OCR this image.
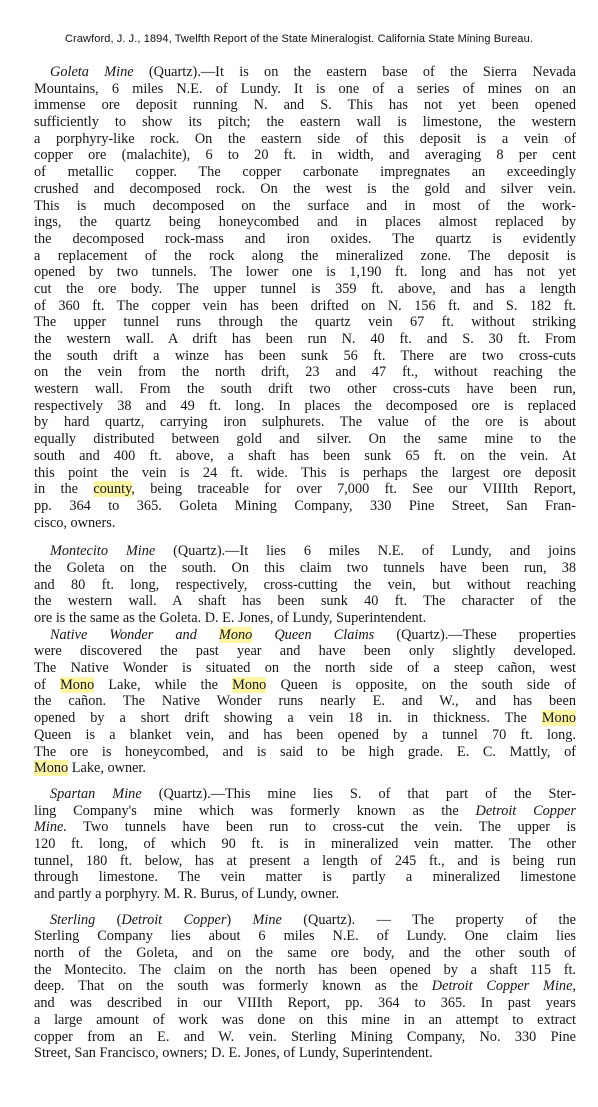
Crawford, J. J., 1894, Twelfth Report of the State Mineralogist. California State Mining Bureau.
Goleta Mine (Quartz).—It is on the eastern base of the Sierra Nevada
Mountains, 6 miles N.E. of Lundy. It is one of a series of mines on an
immense ore deposit running N. and S. This has not yet been opened
sufficiently to show its pitch; the eastern wall is limestone, the western
a porphyry-like rock. On the eastern side of this deposit is a vein of
copper ore (malachite), 6 to 20 ft. in width, and averaging 8 per cent
of metallic copper. The copper carbonate impregnates an exceedingly
crushed and decomposed rock. On the west is the gold and silver vein.
This is much decomposed on the surface and in most of the work-
ings, the quartz being honeycombed and in places almost replaced by
the decomposed rock-mass and iron oxides. The quartz is evidently
a replacement of the rock along the mineralized zone. The deposit is
opened by two tunnels. The lower one is 1,190 ft. long and has not yet
cut the ore body. The upper tunnel is 359 ft. above, and has a length
of 360 ft. The copper vein has been drifted on N. 156 ft. and S. 182 ft.
The upper tunnel runs through the quartz vein 67 ft. without striking
the western wall. A drift has been run N. 40 ft. and S. 30 ft. From
the south drift a winze has been sunk 56 ft. There are two cross-cuts
on the vein from the north drift, 23 and 47 ft., without reaching the
western wall. From the south drift two other cross-cuts have been run,
respectively 38 and 49 ft. long. In places the decomposed ore is replaced
by hard quartz, carrying iron sulphurets. The value of the ore is about
equally distributed between gold and silver. On the same mine to the
south and 400 ft. above, a shaft has been sunk 65 ft. on the vein. At
this point the vein is 24 ft. wide. This is perhaps the largest ore deposit
in the county, being traceable for over 7,000 ft. See our VIIIth Report,
pp. 364 to 365. Goleta Mining Company, 330 Pine Street, San Fran-
cisco, owners.
Montecito Mine (Quartz).—It lies 6 miles N.E. of Lundy, and joins
the Goleta on the south. On this claim two tunnels have been run, 38
and 80 ft. long, respectively, cross-cutting the vein, but without reaching
the western wall. A shaft has been sunk 40 ft. The character of the
ore is the same as the Goleta. D. E. Jones, of Lundy, Superintendent.
Native Wonder and Mono Queen Claims (Quartz).—These properties
were discovered the past year and have been only slightly developed.
The Native Wonder is situated on the north side of a steep cañon, west
of Mono Lake, while the Mono Queen is opposite, on the south side of
the cañon. The Native Wonder runs nearly E. and W., and has been
opened by a short drift showing a vein 18 in. in thickness. The Mono
Queen is a blanket vein, and has been opened by a tunnel 70 ft. long.
The ore is honeycombed, and is said to be high grade. E. C. Mattly, of
Mono Lake, owner.
Spartan Mine (Quartz).—This mine lies S. of that part of the Ster-
ling Company's mine which was formerly known as the Detroit Copper
Mine. Two tunnels have been run to cross-cut the vein. The upper is
120 ft. long, of which 90 ft. is in mineralized vein matter. The other
tunnel, 180 ft. below, has at present a length of 245 ft., and is being run
through limestone. The vein matter is partly a mineralized limestone
and partly a porphyry. M. R. Burus, of Lundy, owner.
Sterling (Detroit Copper) Mine (Quartz). — The property of the
Sterling Company lies about 6 miles N.E. of Lundy. One claim lies
north of the Goleta, and on the same ore body, and the other south of
the Montecito. The claim on the north has been opened by a shaft 115 ft.
deep. That on the south was formerly known as the Detroit Copper Mine,
and was described in our VIIIth Report, pp. 364 to 365. In past years
a large amount of work was done on this mine in an attempt to extract
copper from an E. and W. vein. Sterling Mining Company, No. 330 Pine
Street, San Francisco, owners; D. E. Jones, of Lundy, Superintendent.
